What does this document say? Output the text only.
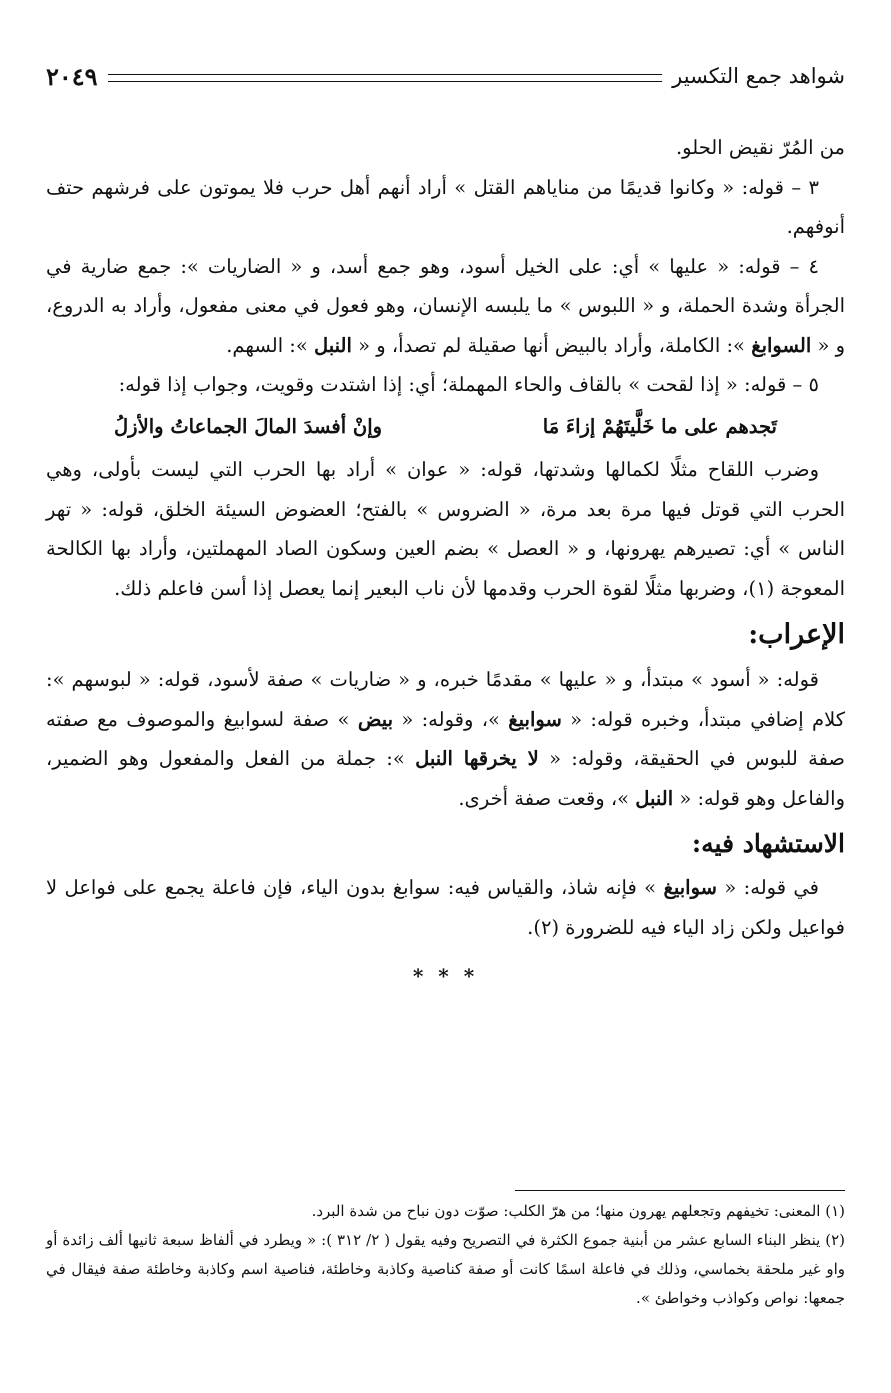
شواهد جمع التكسير
٢٠٤٩

من المُرّ نقيض الحلو.

٣ – قوله: « وكانوا قديمًا من مناياهم القتل » أراد أنهم أهل حرب فلا يموتون على فرشهم حتف أنوفهم.

٤ – قوله: « عليها » أي: على الخيل أسود، وهو جمع أسد، و « الضاريات »: جمع ضارية في الجرأة وشدة الحملة، و « اللبوس » ما يلبسه الإنسان، وهو فعول في معنى مفعول، وأراد به الدروع، و « السوابغ »: الكاملة، وأراد بالبيض أنها صقيلة لم تصدأ، و « النبل »: السهم.

٥ – قوله: « إذا لقحت » بالقاف والحاء المهملة؛ أي: إذا اشتدت وقويت، وجواب إذا قوله:

تَجدهم على ما خَلَّيتَهُمْ إزاءَ مَا
وإنْ أفسدَ المالَ الجماعاتُ والأزلُ

وضرب اللقاح مثلًا لكمالها وشدتها، قوله: « عوان » أراد بها الحرب التي ليست بأولى، وهي الحرب التي قوتل فيها مرة بعد مرة، « الضروس » بالفتح؛ العضوض السيئة الخلق، قوله: « تهر الناس » أي: تصيرهم يهرونها، و « العصل » بضم العين وسكون الصاد المهملتين، وأراد بها الكالحة المعوجة (١)، وضربها مثلًا لقوة الحرب وقدمها لأن ناب البعير إنما يعصل إذا أسن فاعلم ذلك.

الإعراب:

قوله: « أسود » مبتدأ، و « عليها » مقدمًا خبره، و « ضاريات » صفة لأسود، قوله: « لبوسهم »: كلام إضافي مبتدأ، وخبره قوله: « سوابيغ »، وقوله: « بيض » صفة لسوابيغ والموصوف مع صفته صفة للبوس في الحقيقة، وقوله: « لا يخرقها النبل »: جملة من الفعل والمفعول وهو الضمير، والفاعل وهو قوله: « النبل »، وقعت صفة أخرى.

الاستشهاد فيه:

في قوله: « سوابيغ » فإنه شاذ، والقياس فيه: سوابغ بدون الياء، فإن فاعلة يجمع على فواعل لا فواعيل ولكن زاد الياء فيه للضرورة (٢).

* * *

(١) المعنى: تخيفهم وتجعلهم يهرون منها؛ من هرّ الكلب: صوّت دون نباح من شدة البرد.

(٢) ينظر البناء السابع عشر من أبنية جموع الكثرة في التصريح وفيه يقول ( ٢/ ٣١٢ ): « ويطرد في ألفاظ سبعة ثانيها ألف زائدة أو واو غير ملحقة بخماسي، وذلك في فاعلة اسمًا كانت أو صفة كناصية وكاذبة وخاطئة، فناصية اسم وكاذبة وخاطئة صفة فيقال في جمعها: نواص وكواذب وخواطئ ».
